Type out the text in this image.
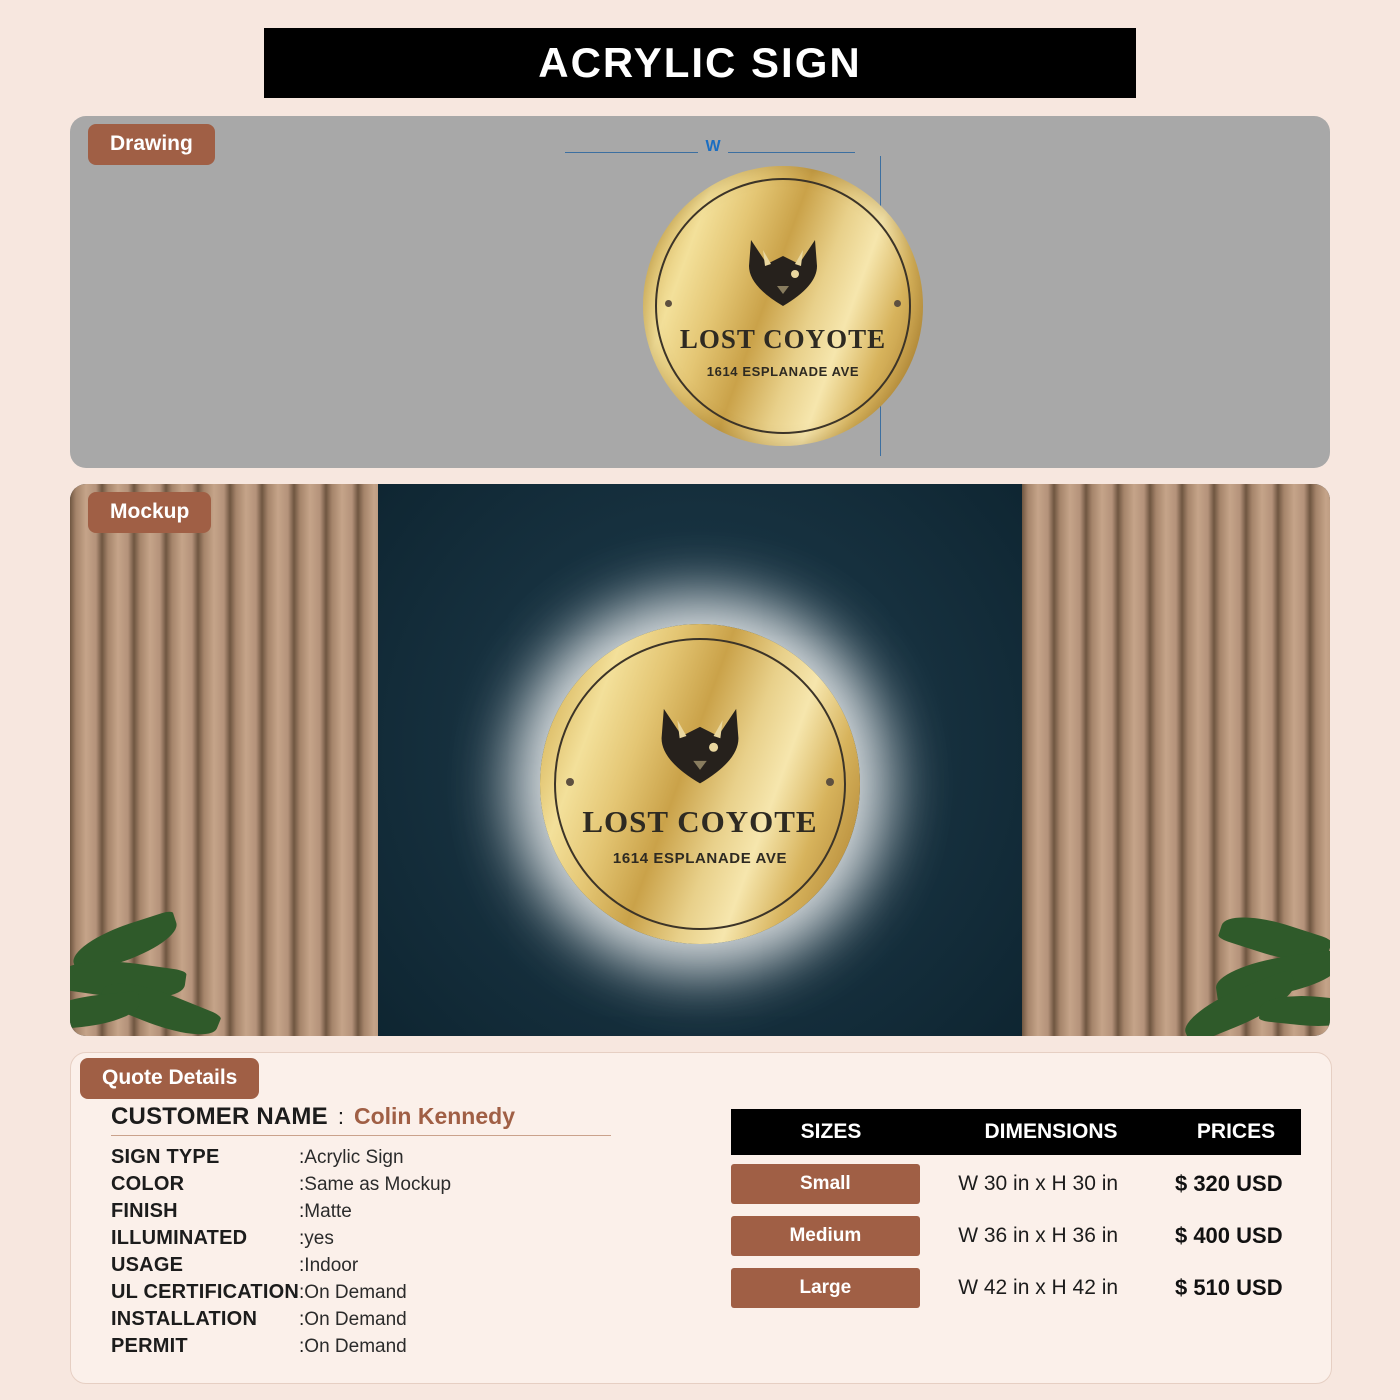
ACRYLIC SIGN
W
LOST COYOTE
1614 ESPLANADE AVE
Drawing
LOST COYOTE
1614 ESPLANADE AVE
Mockup
CUSTOMER NAME : Colin Kennedy
SIGN TYPE	:	Acrylic Sign
COLOR	:	Same as Mockup
FINISH	:	Matte
ILLUMINATED	:	yes
USAGE	:	Indoor
UL CERTIFICATION	:	On Demand
INSTALLATION	:	On Demand
PERMIT	:	On Demand
SIZES	DIMENSIONS	PRICES
Small	W 30 in x H 30 in	$ 320 USD
Medium	W 36 in x H 36 in	$ 400 USD
Large	W 42 in x H 42 in	$ 510 USD
Quote Details
